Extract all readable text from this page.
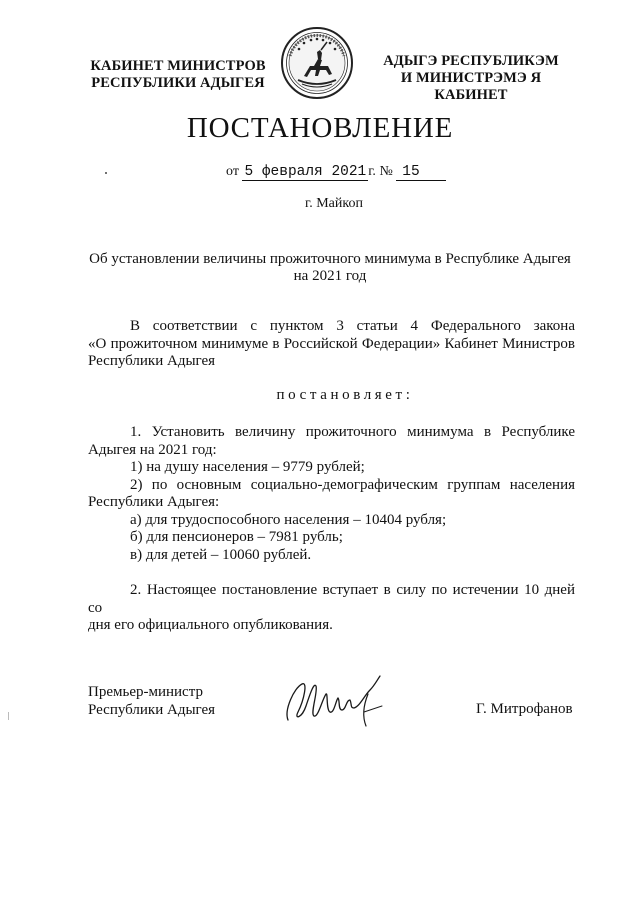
КАБИНЕТ МИНИСТРОВ
РЕСПУБЛИКИ АДЫГЕЯ
АДЫГЭ РЕСПУБЛИКЭМ
И МИНИСТРЭМЭ Я КАБИНЕТ
ПОСТАНОВЛЕНИЕ
от 5 февраля 2021 г. № 15
г. Майкоп
Об установлении величины прожиточного минимума в Республике Адыгея
на 2021 год
В соответствии с пунктом 3 статьи 4 Федерального закона
«О прожиточном минимуме в Российской Федерации» Кабинет Министров
Республики Адыгея
постановляет:
1. Установить величину прожиточного минимума в Республике
Адыгея на 2021 год:
1) на душу населения – 9779 рублей;
2) по основным социально-демографическим группам населения
Республики Адыгея:
а) для трудоспособного населения – 10404 рубля;
б) для пенсионеров – 7981 рубль;
в) для детей – 10060 рублей.
2. Настоящее постановление вступает в силу по истечении 10 дней со
дня его официального опубликования.
Премьер-министр
Республики Адыгея	Г. Митрофанов
